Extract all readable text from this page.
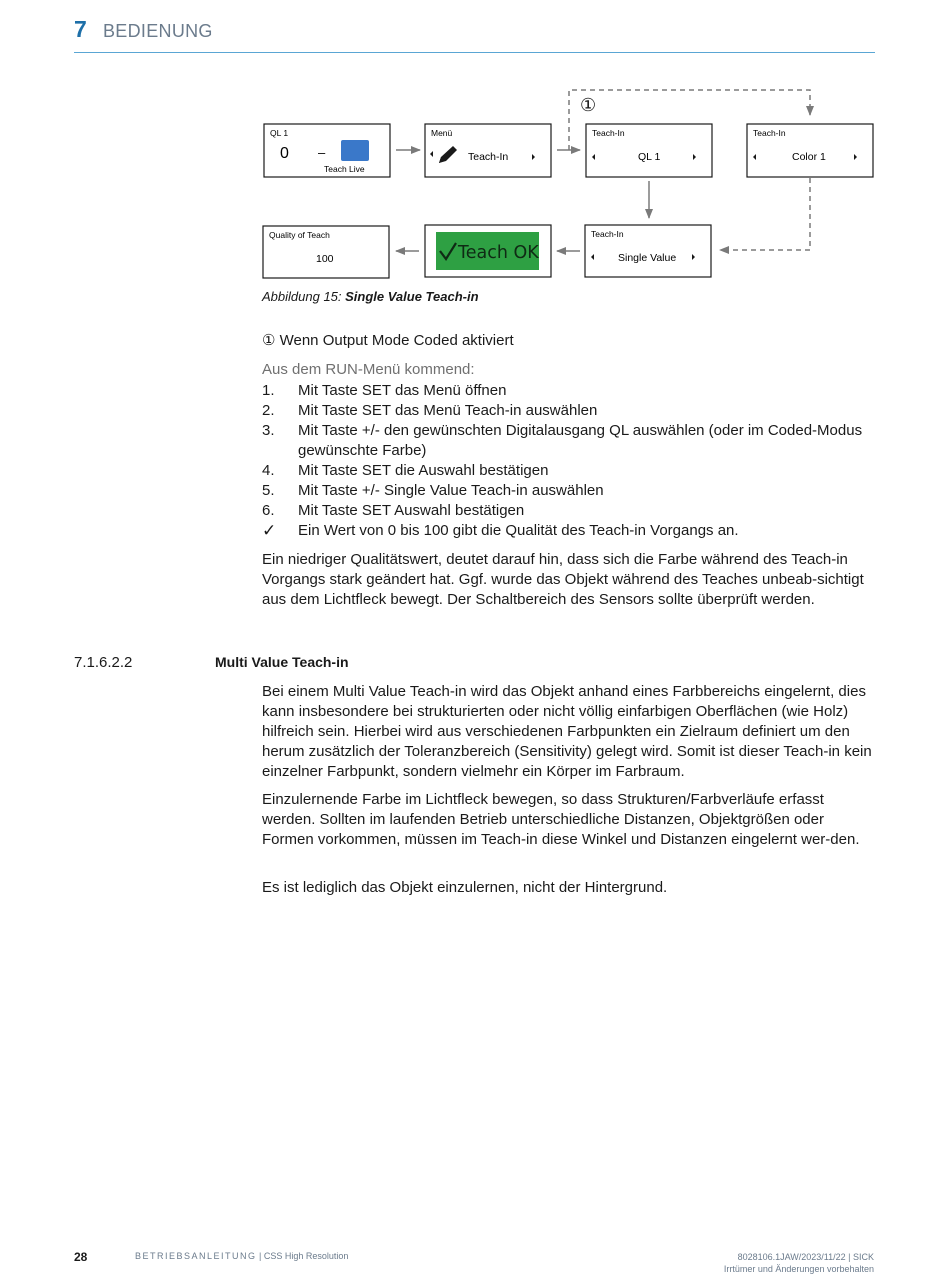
7 BEDIENUNG
①
QL 1
0 –
Teach Live
Menü
Teach-In
Teach-In
QL 1
Teach-In
Color 1
Quality of Teach
100	Teach OK
Teach-In
Single Value
Abbildung 15: Single Value Teach-in
① Wenn Output Mode Coded aktiviert
Aus dem RUN-Menü kommend:
1.	Mit Taste SET das Menü öffnen
2.	Mit Taste SET das Menü Teach-in auswählen
3.	Mit Taste +/- den gewünschten Digitalausgang QL auswählen (oder im Coded-Modus gewünschte Farbe)
4.	Mit Taste SET die Auswahl bestätigen
5.	Mit Taste +/- Single Value Teach-in auswählen
6.	Mit Taste SET Auswahl bestätigen
✓	Ein Wert von 0 bis 100 gibt die Qualität des Teach-in Vorgangs an.

Ein niedriger Qualitätswert, deutet darauf hin, dass sich die Farbe während des Teach-in Vorgangs stark geändert hat. Ggf. wurde das Objekt während des Teaches unbeab-sichtigt aus dem Lichtfleck bewegt. Der Schaltbereich des Sensors sollte überprüft werden.

7.1.6.2.2	Multi Value Teach-in

Bei einem Multi Value Teach-in wird das Objekt anhand eines Farbbereichs eingelernt, dies kann insbesondere bei strukturierten oder nicht völlig einfarbigen Oberflächen (wie Holz) hilfreich sein. Hierbei wird aus verschiedenen Farbpunkten ein Zielraum definiert um den herum zusätzlich der Toleranzbereich (Sensitivity) gelegt wird. Somit ist dieser Teach-in kein einzelner Farbpunkt, sondern vielmehr ein Körper im Farbraum.

Einzulernende Farbe im Lichtfleck bewegen, so dass Strukturen/Farbverläufe erfasst werden. Sollten im laufenden Betrieb unterschiedliche Distanzen, Objektgrößen oder Formen vorkommen, müssen im Teach-in diese Winkel und Distanzen eingelernt wer-den.

Es ist lediglich das Objekt einzulernen, nicht der Hintergrund.

28	BETRIEBSANLEITUNG | CSS High Resolution	8028106.1JAW/2023/11/22 | SICK
Irrtümer und Änderungen vorbehalten
